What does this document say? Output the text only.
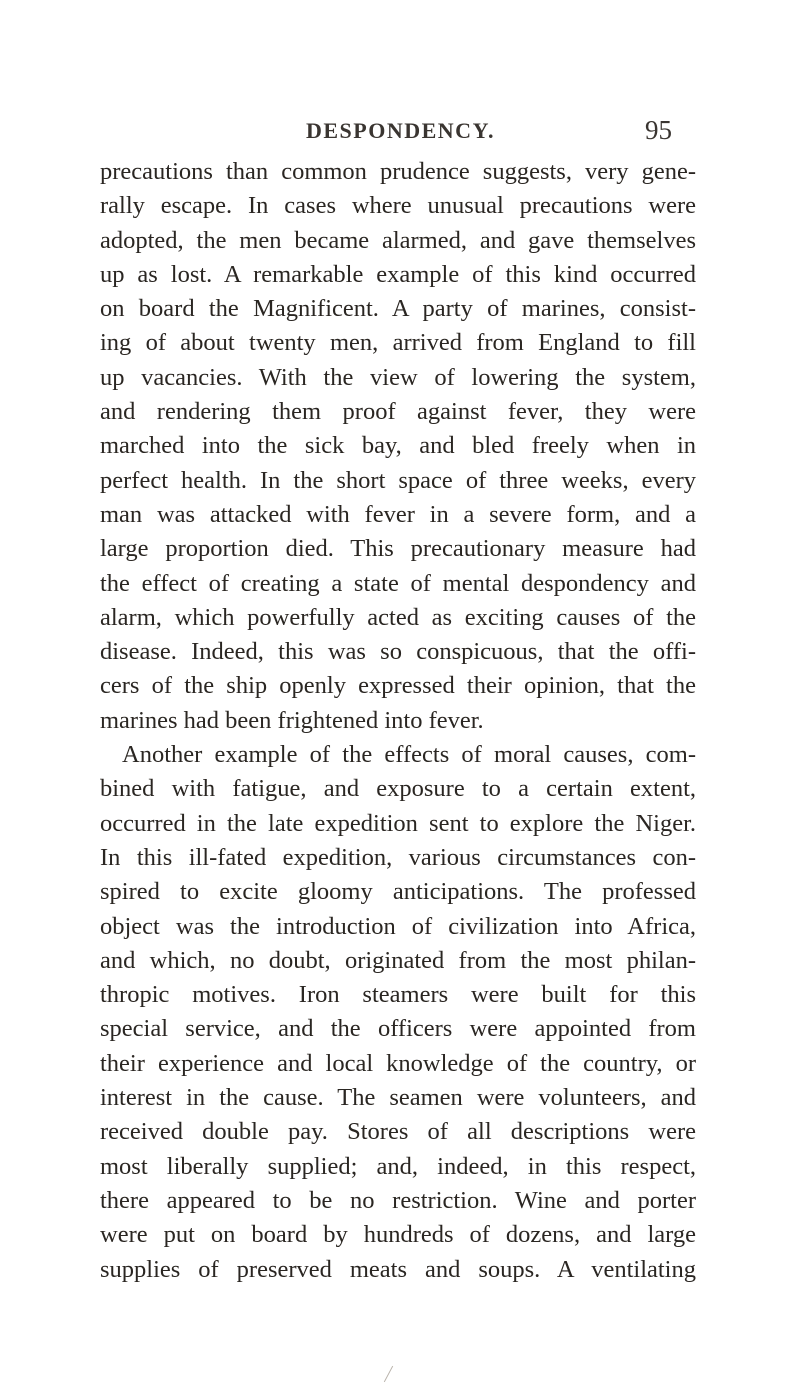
DESPONDENCY.	95
precautions than common prudence suggests, very gene-
rally escape. In cases where unusual precautions were
adopted, the men became alarmed, and gave themselves
up as lost. A remarkable example of this kind occurred
on board the Magnificent. A party of marines, consist-
ing of about twenty men, arrived from England to fill
up vacancies. With the view of lowering the system,
and rendering them proof against fever, they were
marched into the sick bay, and bled freely when in
perfect health. In the short space of three weeks, every
man was attacked with fever in a severe form, and a
large proportion died. This precautionary measure had
the effect of creating a state of mental despondency and
alarm, which powerfully acted as exciting causes of the
disease. Indeed, this was so conspicuous, that the offi-
cers of the ship openly expressed their opinion, that the
marines had been frightened into fever.
Another example of the effects of moral causes, com-
bined with fatigue, and exposure to a certain extent,
occurred in the late expedition sent to explore the Niger.
In this ill-fated expedition, various circumstances con-
spired to excite gloomy anticipations. The professed
object was the introduction of civilization into Africa,
and which, no doubt, originated from the most philan-
thropic motives. Iron steamers were built for this
special service, and the officers were appointed from
their experience and local knowledge of the country, or
interest in the cause. The seamen were volunteers, and
received double pay. Stores of all descriptions were
most liberally supplied; and, indeed, in this respect,
there appeared to be no restriction. Wine and porter
were put on board by hundreds of dozens, and large
supplies of preserved meats and soups. A ventilating
